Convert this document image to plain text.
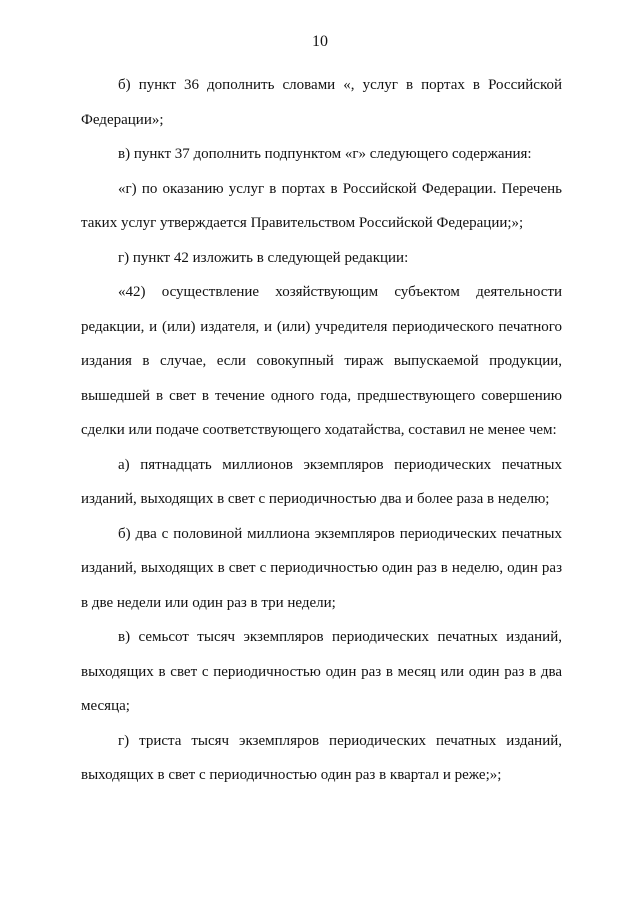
10

б) пункт 36 дополнить словами «, услуг в портах в Российской Федерации»;

в) пункт 37 дополнить подпунктом «г» следующего содержания:

«г) по оказанию услуг в портах в Российской Федерации. Перечень таких услуг утверждается Правительством Российской Федерации;»;

г) пункт 42 изложить в следующей редакции:

«42) осуществление хозяйствующим субъектом деятельности редакции, и (или) издателя, и (или) учредителя периодического печатного издания в случае, если совокупный тираж выпускаемой продукции, вышедшей в свет в течение одного года, предшествующего совершению сделки или подаче соответствующего ходатайства, составил не менее чем:

а) пятнадцать миллионов экземпляров периодических печатных изданий, выходящих в свет с периодичностью два и более раза в неделю;

б) два с половиной миллиона экземпляров периодических печатных изданий, выходящих в свет с периодичностью один раз в неделю, один раз в две недели или один раз в три недели;

в) семьсот тысяч экземпляров периодических печатных изданий, выходящих в свет с периодичностью один раз в месяц или один раз в два месяца;

г) триста тысяч экземпляров периодических печатных изданий, выходящих в свет с периодичностью один раз в квартал и реже;»;
